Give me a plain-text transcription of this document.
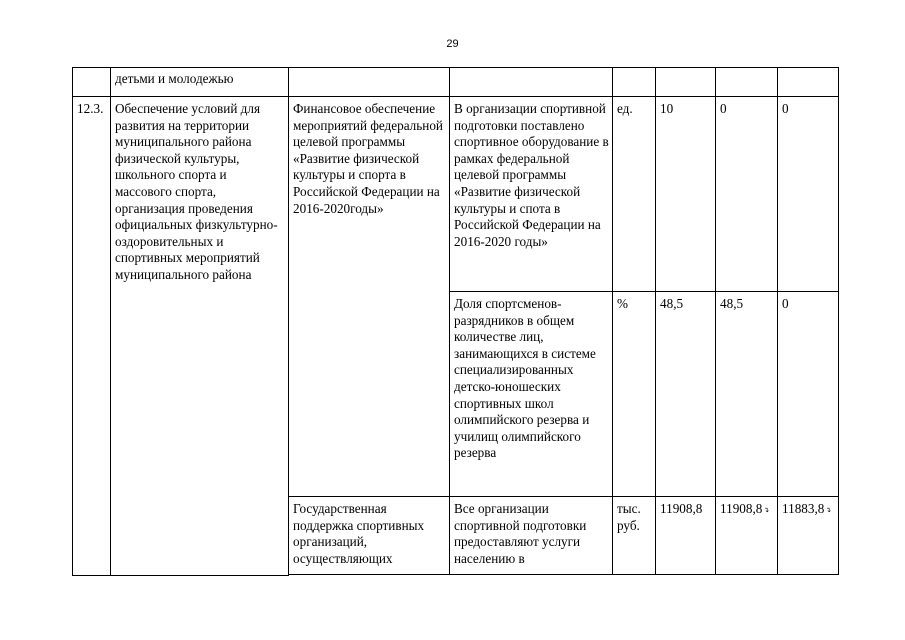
29
	детьми и молодежью						
12.3.	Обеспечение условий для развития на территории муниципального района физической культуры, школьного спорта и массового спорта, организация проведения официальных физкультурно-оздоровительных и спортивных мероприятий муниципального района	Финансовое обеспечение мероприятий федеральной целевой программы «Развитие физической культуры и спорта в Российской Федерации на 2016-2020годы»	В организации спортивной подготовки поставлено спортивное оборудование в рамках федеральной целевой программы «Развитие физической культуры и спота в Российской Федерации на 2016-2020 годы»	ед.	10	0	0
			Доля спортсменов-разрядников в общем количестве лиц, занимающихся в системе специализированных детско-юношеских спортивных школ олимпийского резерва и училищ олимпийского резерва	%	48,5	48,5	0
		Государственная поддержка спортивных организаций, осуществляющих	Все организации спортивной подготовки предоставляют услуги населению в	тыс. руб.	11908,8	11908,8↴	11883,8↴
